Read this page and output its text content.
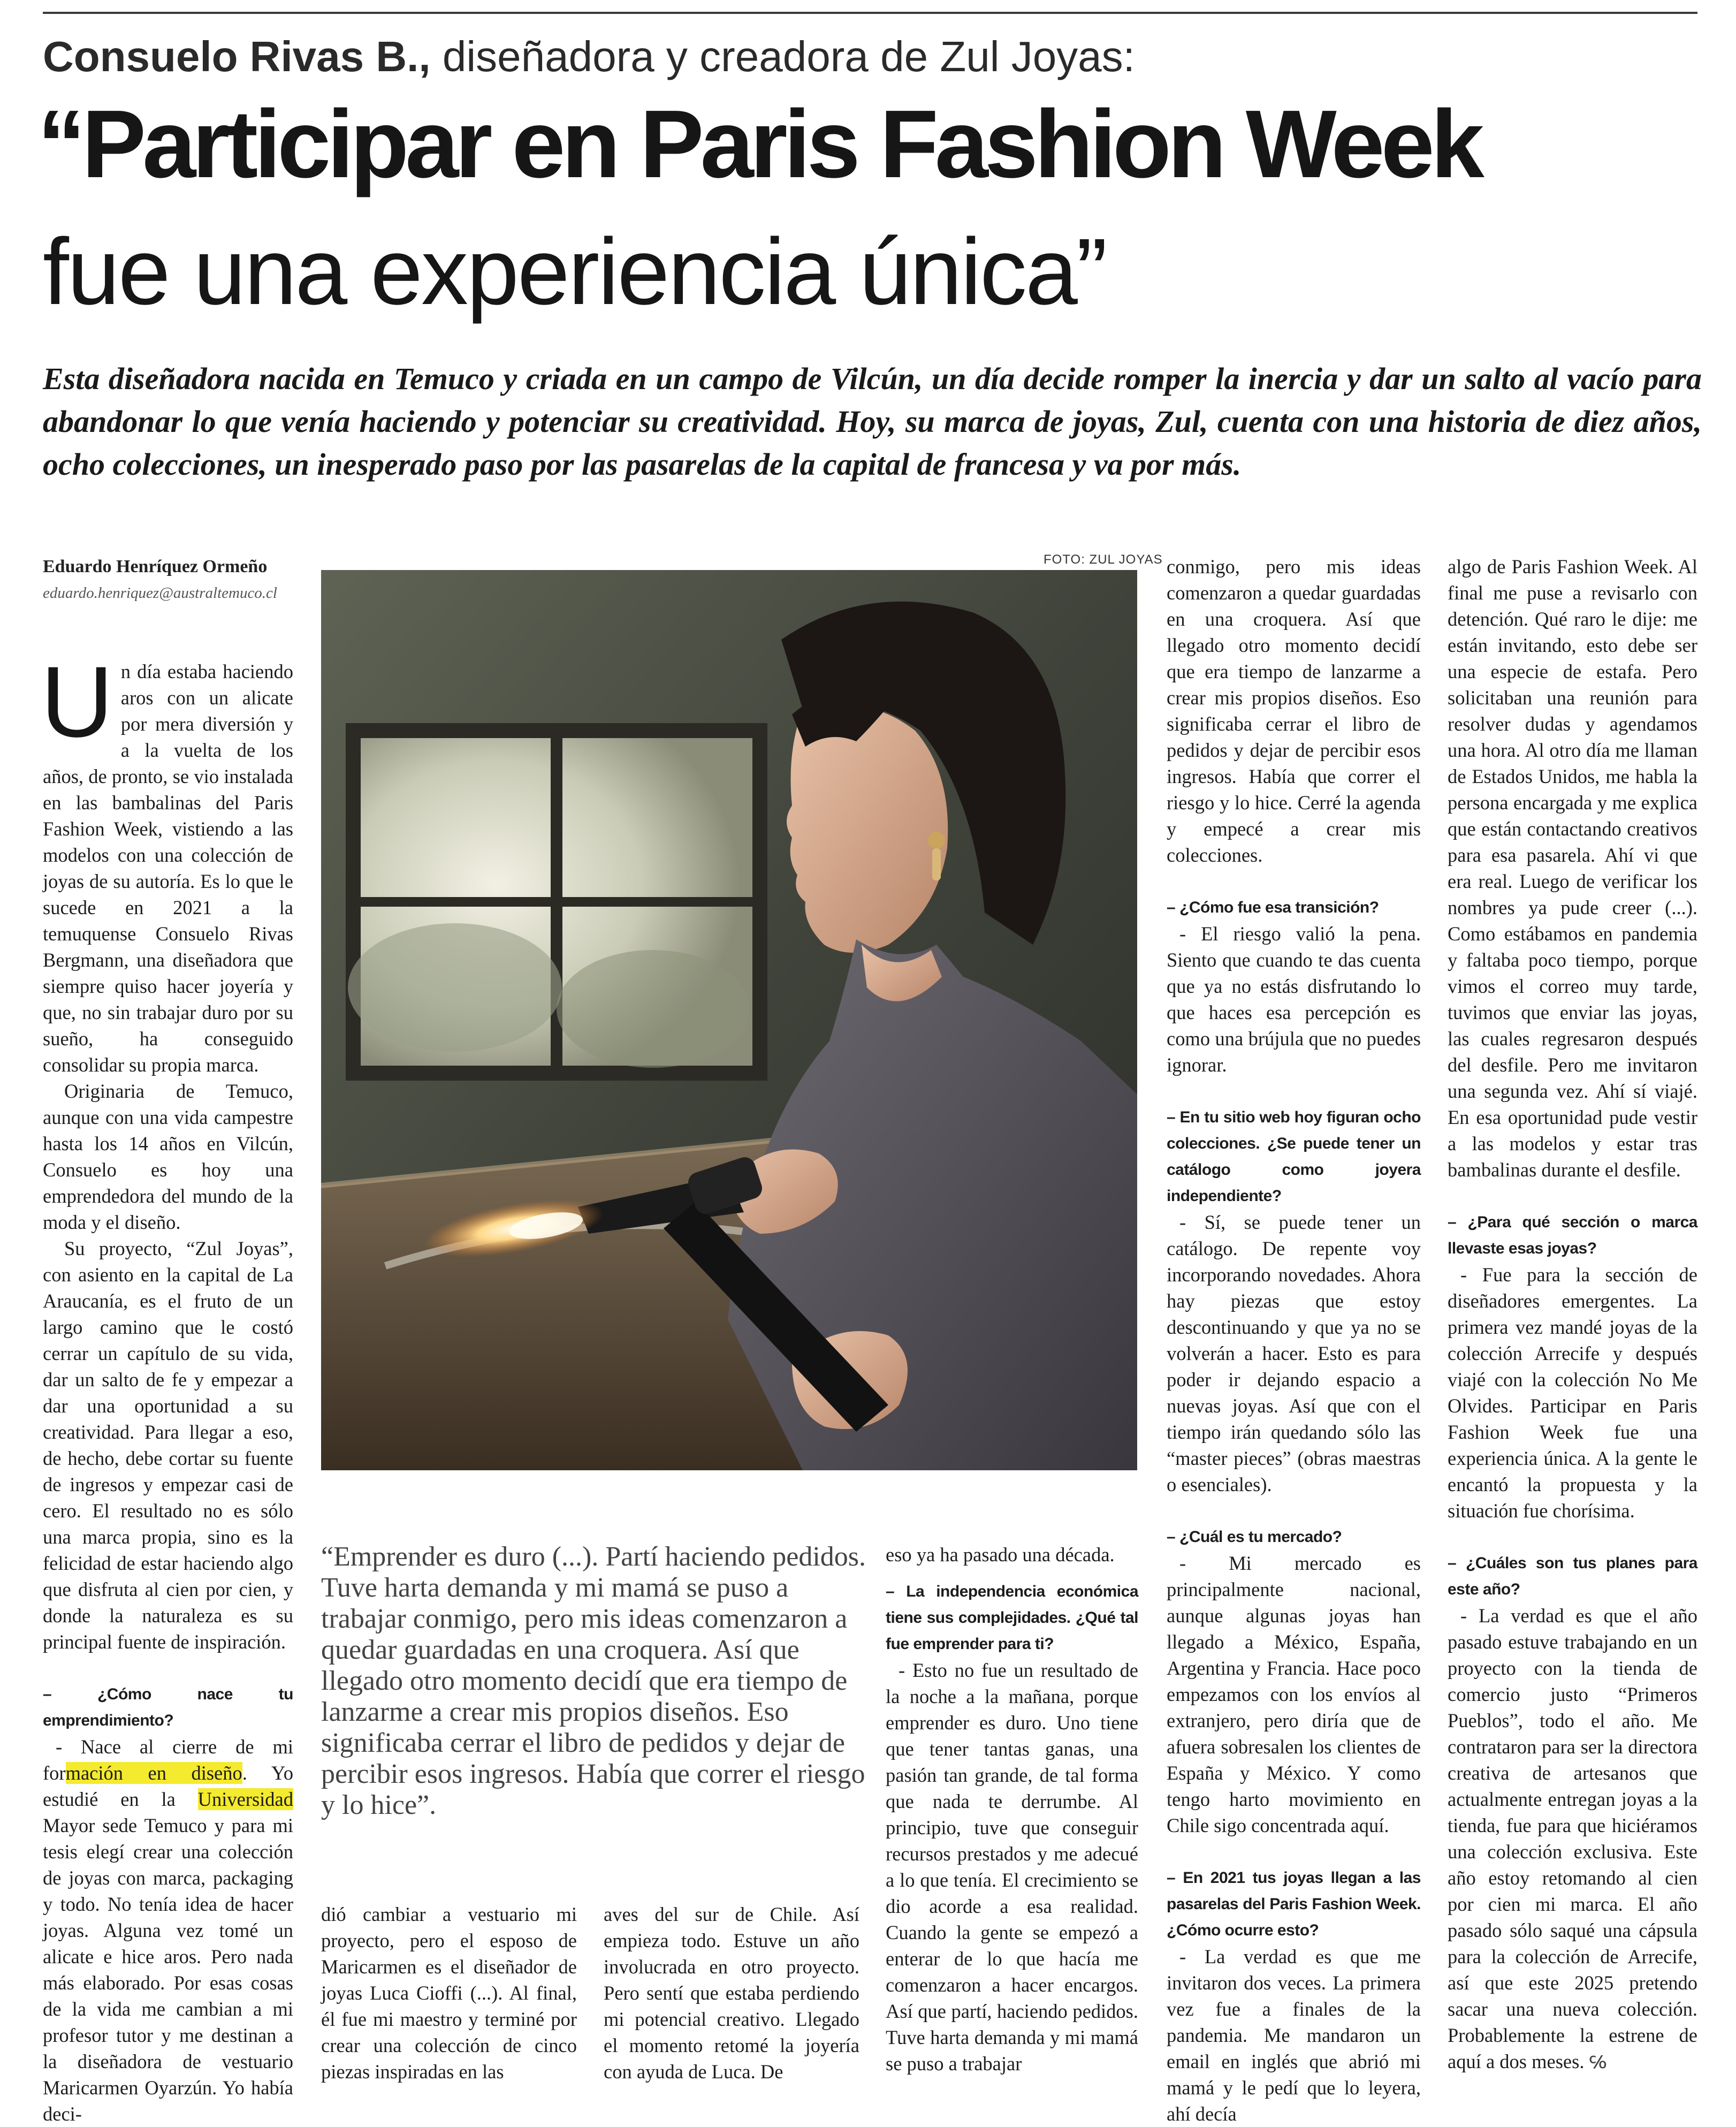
Consuelo Rivas B., diseñadora y creadora de Zul Joyas:
“Participar en Paris Fashion Week
fue una experiencia única”
Esta diseñadora nacida en Temuco y criada en un campo de Vilcún, un día decide romper la inercia y dar un salto al vacío para abandonar lo que venía haciendo y potenciar su creatividad. Hoy, su marca de joyas, Zul, cuenta con una historia de diez años, ocho colecciones, un inesperado paso por las pasarelas de la capital de francesa y va por más.
Eduardo Henríquez Ormeño
eduardo.henriquez@australtemuco.cl
FOTO: ZUL JOYAS

Un día estaba haciendo aros con un alicate por mera diversión y a la vuelta de los años, de pronto, se vio instalada en las bambalinas del Paris Fashion Week, vistiendo a las modelos con una colección de joyas de su autoría. Es lo que le sucede en 2021 a la temuquense Consuelo Rivas Bergmann, una diseñadora que siempre quiso hacer joyería y que, no sin trabajar duro por su sueño, ha conseguido consolidar su propia marca.

Originaria de Temuco, aunque con una vida campestre hasta los 14 años en Vilcún, Consuelo es hoy una emprendedora del mundo de la moda y el diseño.

Su proyecto, “Zul Joyas”, con asiento en la capital de La Araucanía, es el fruto de un largo camino que le costó cerrar un capítulo de su vida, dar un salto de fe y empezar a dar una oportunidad a su creatividad. Para llegar a eso, de hecho, debe cortar su fuente de ingresos y empezar casi de cero. El resultado no es sólo una marca propia, sino es la felicidad de estar haciendo algo que disfruta al cien por cien, y donde la naturaleza es su principal fuente de inspiración.

– ¿Cómo nace tu emprendimiento?

- Nace al cierre de mi formación en diseño. Yo estudié en la Universidad Mayor sede Temuco y para mi tesis elegí crear una colección de joyas con marca, packaging y todo. No tenía idea de hacer joyas. Alguna vez tomé un alicate e hice aros. Pero nada más elaborado. Por esas cosas de la vida me cambian a mi profesor tutor y me destinan a la diseñadora de vestuario Maricarmen Oyarzún. Yo había deci-

“Emprender es duro (...). Partí haciendo pedidos. Tuve harta demanda y mi mamá se puso a trabajar conmigo, pero mis ideas comenzaron a quedar guardadas en una croquera. Así que llegado otro momento decidí que era tiempo de lanzarme a crear mis propios diseños. Eso significaba cerrar el libro de pedidos y dejar de percibir esos ingresos. Había que correr el riesgo y lo hice”.

dió cambiar a vestuario mi proyecto, pero el esposo de Maricarmen es el diseñador de joyas Luca Cioffi (...). Al final, él fue mi maestro y terminé por crear una colección de cinco piezas inspiradas en las

aves del sur de Chile. Así empieza todo. Estuve un año involucrada en otro proyecto. Pero sentí que estaba perdiendo mi potencial creativo. Llegado el momento retomé la joyería con ayuda de Luca. De

eso ya ha pasado una década.

– La independencia económica tiene sus complejidades. ¿Qué tal fue emprender para ti?

- Esto no fue un resultado de la noche a la mañana, porque emprender es duro. Uno tiene que tener tantas ganas, una pasión tan grande, de tal forma que nada te derrumbe. Al principio, tuve que conseguir recursos prestados y me adecué a lo que tenía. El crecimiento se dio acorde a esa realidad. Cuando la gente se empezó a enterar de lo que hacía me comenzaron a hacer encargos. Así que partí, haciendo pedidos. Tuve harta demanda y mi mamá se puso a trabajar

conmigo, pero mis ideas comenzaron a quedar guardadas en una croquera. Así que llegado otro momento decidí que era tiempo de lanzarme a crear mis propios diseños. Eso significaba cerrar el libro de pedidos y dejar de percibir esos ingresos. Había que correr el riesgo y lo hice. Cerré la agenda y empecé a crear mis colecciones.

– ¿Cómo fue esa transición?

- El riesgo valió la pena. Siento que cuando te das cuenta que ya no estás disfrutando lo que haces esa percepción es como una brújula que no puedes ignorar.

– En tu sitio web hoy figuran ocho colecciones. ¿Se puede tener un catálogo como joyera independiente?

- Sí, se puede tener un catálogo. De repente voy incorporando novedades. Ahora hay piezas que estoy descontinuando y que ya no se volverán a hacer. Esto es para poder ir dejando espacio a nuevas joyas. Así que con el tiempo irán quedando sólo las “master pieces” (obras maestras o esenciales).

– ¿Cuál es tu mercado?

- Mi mercado es principalmente nacional, aunque algunas joyas han llegado a México, España, Argentina y Francia. Hace poco empezamos con los envíos al extranjero, pero diría que de afuera sobresalen los clientes de España y México. Y como tengo harto movimiento en Chile sigo concentrada aquí.

– En 2021 tus joyas llegan a las pasarelas del Paris Fashion Week. ¿Cómo ocurre esto?

- La verdad es que me invitaron dos veces. La primera vez fue a finales de la pandemia. Me mandaron un email en inglés que abrió mi mamá y le pedí que lo leyera, ahí decía

algo de Paris Fashion Week. Al final me puse a revisarlo con detención. Qué raro le dije: me están invitando, esto debe ser una especie de estafa. Pero solicitaban una reunión para resolver dudas y agendamos una hora. Al otro día me llaman de Estados Unidos, me habla la persona encargada y me explica que están contactando creativos para esa pasarela. Ahí vi que era real. Luego de verificar los nombres ya pude creer (...). Como estábamos en pandemia y faltaba poco tiempo, porque vimos el correo muy tarde, tuvimos que enviar las joyas, las cuales regresaron después del desfile. Pero me invitaron una segunda vez. Ahí sí viajé. En esa oportunidad pude vestir a las modelos y estar tras bambalinas durante el desfile.

– ¿Para qué sección o marca llevaste esas joyas?

- Fue para la sección de diseñadores emergentes. La primera vez mandé joyas de la colección Arrecife y después viajé con la colección No Me Olvides. Participar en Paris Fashion Week fue una experiencia única. A la gente le encantó la propuesta y la situación fue chorísima.

– ¿Cuáles son tus planes para este año?

- La verdad es que el año pasado estuve trabajando en un proyecto con la tienda de comercio justo “Primeros Pueblos”, todo el año. Me contrataron para ser la directora creativa de artesanos que actualmente entregan joyas a la tienda, fue para que hiciéramos una colección exclusiva. Este año estoy retomando al cien por cien mi marca. El año pasado sólo saqué una cápsula para la colección de Arrecife, así que este 2025 pretendo sacar una nueva colección. Probablemente la estrene de aquí a dos meses. ℅
